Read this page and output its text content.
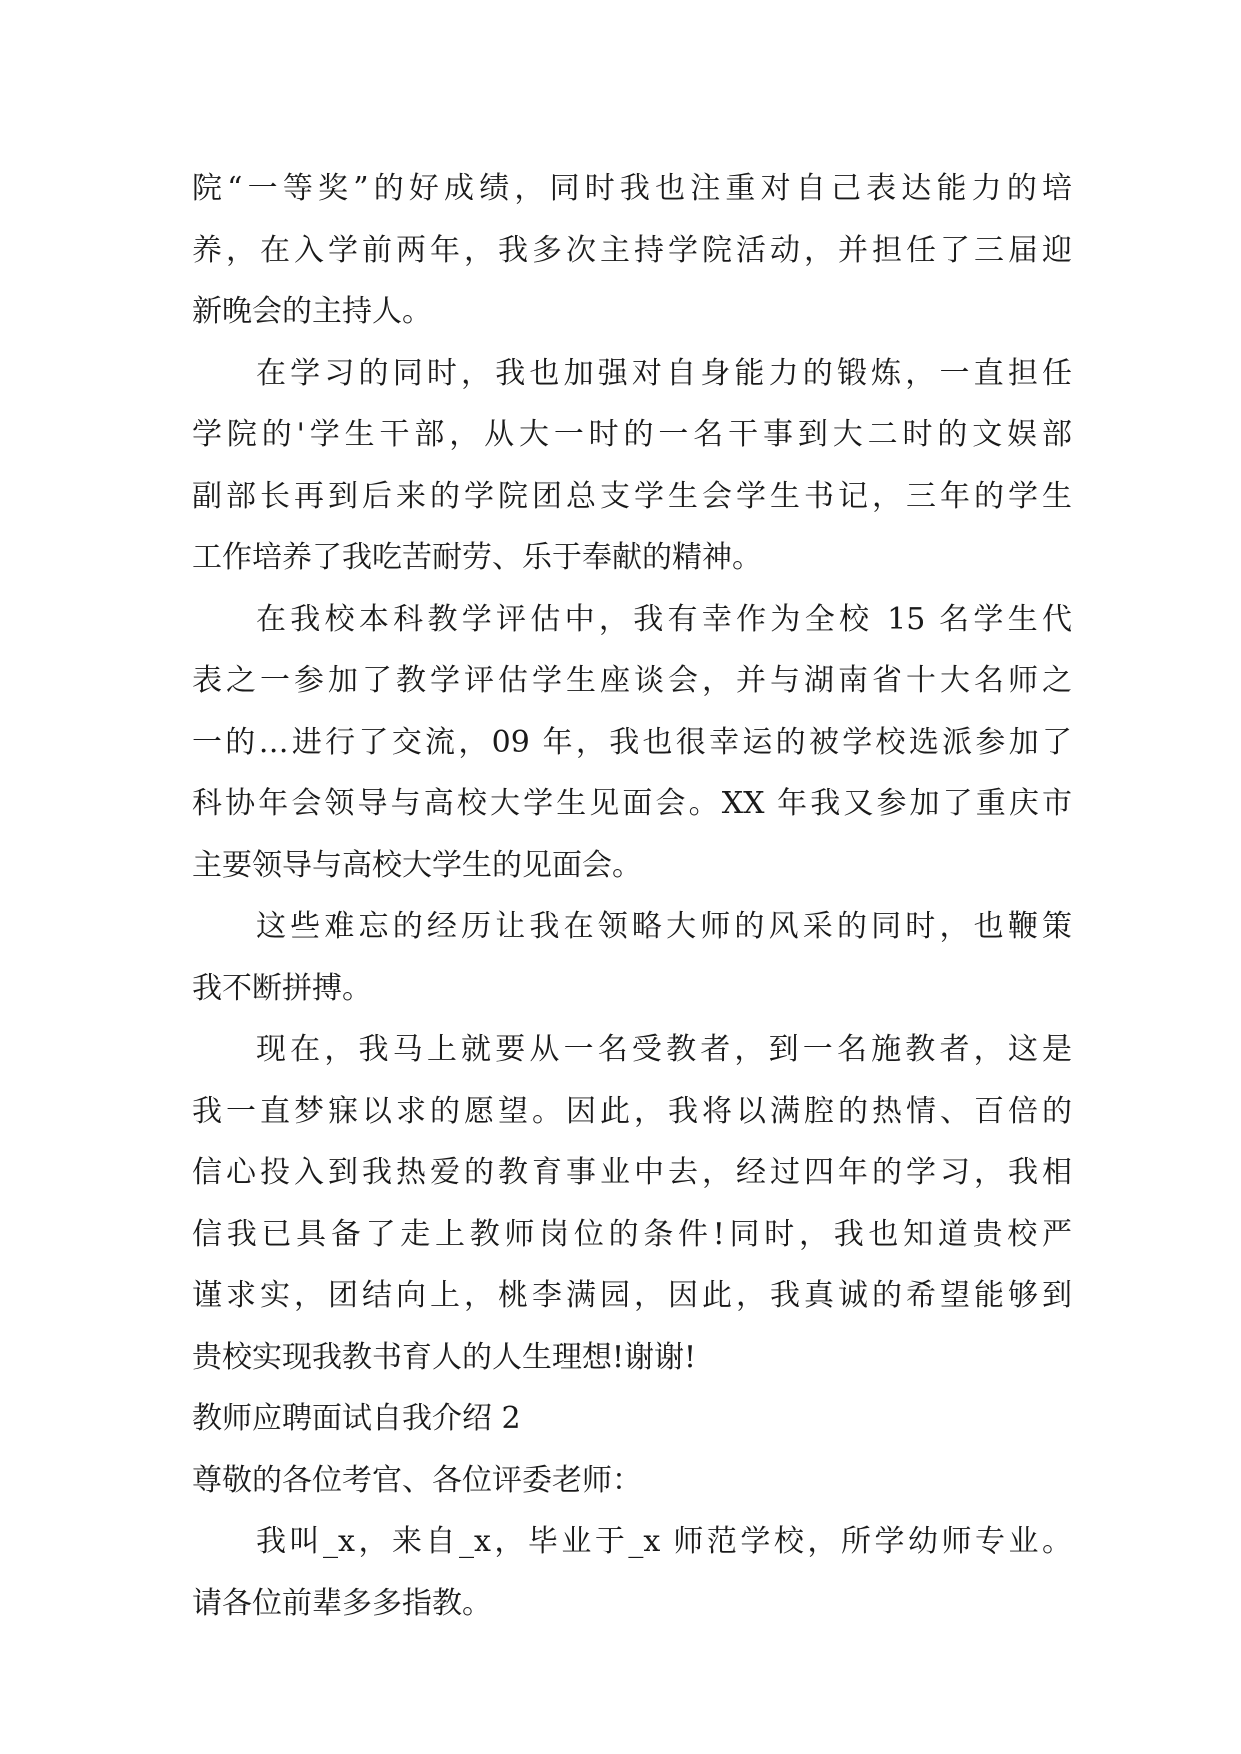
院“一等奖”的好成绩，同时我也注重对自己表达能力的培
养，在入学前两年，我多次主持学院活动，并担任了三届迎
新晚会的主持人。
在学习的同时，我也加强对自身能力的锻炼，一直担任
学院的'学生干部，从大一时的一名干事到大二时的文娱部
副部长再到后来的学院团总支学生会学生书记，三年的学生
工作培养了我吃苦耐劳、乐于奉献的精神。
在我校本科教学评估中，我有幸作为全校 15 名学生代
表之一参加了教学评估学生座谈会，并与湖南省十大名师之
一的…进行了交流，09 年，我也很幸运的被学校选派参加了
科协年会领导与高校大学生见面会。XX 年我又参加了重庆市
主要领导与高校大学生的见面会。
这些难忘的经历让我在领略大师的风采的同时，也鞭策
我不断拼搏。
现在，我马上就要从一名受教者，到一名施教者，这是
我一直梦寐以求的愿望。因此，我将以满腔的热情、百倍的
信心投入到我热爱的教育事业中去，经过四年的学习，我相
信我已具备了走上教师岗位的条件!同时，我也知道贵校严
谨求实，团结向上，桃李满园，因此，我真诚的希望能够到
贵校实现我教书育人的人生理想!谢谢!
教师应聘面试自我介绍 2
尊敬的各位考官、各位评委老师：
我叫_x，来自_x，毕业于_x 师范学校，所学幼师专业。
请各位前辈多多指教。
